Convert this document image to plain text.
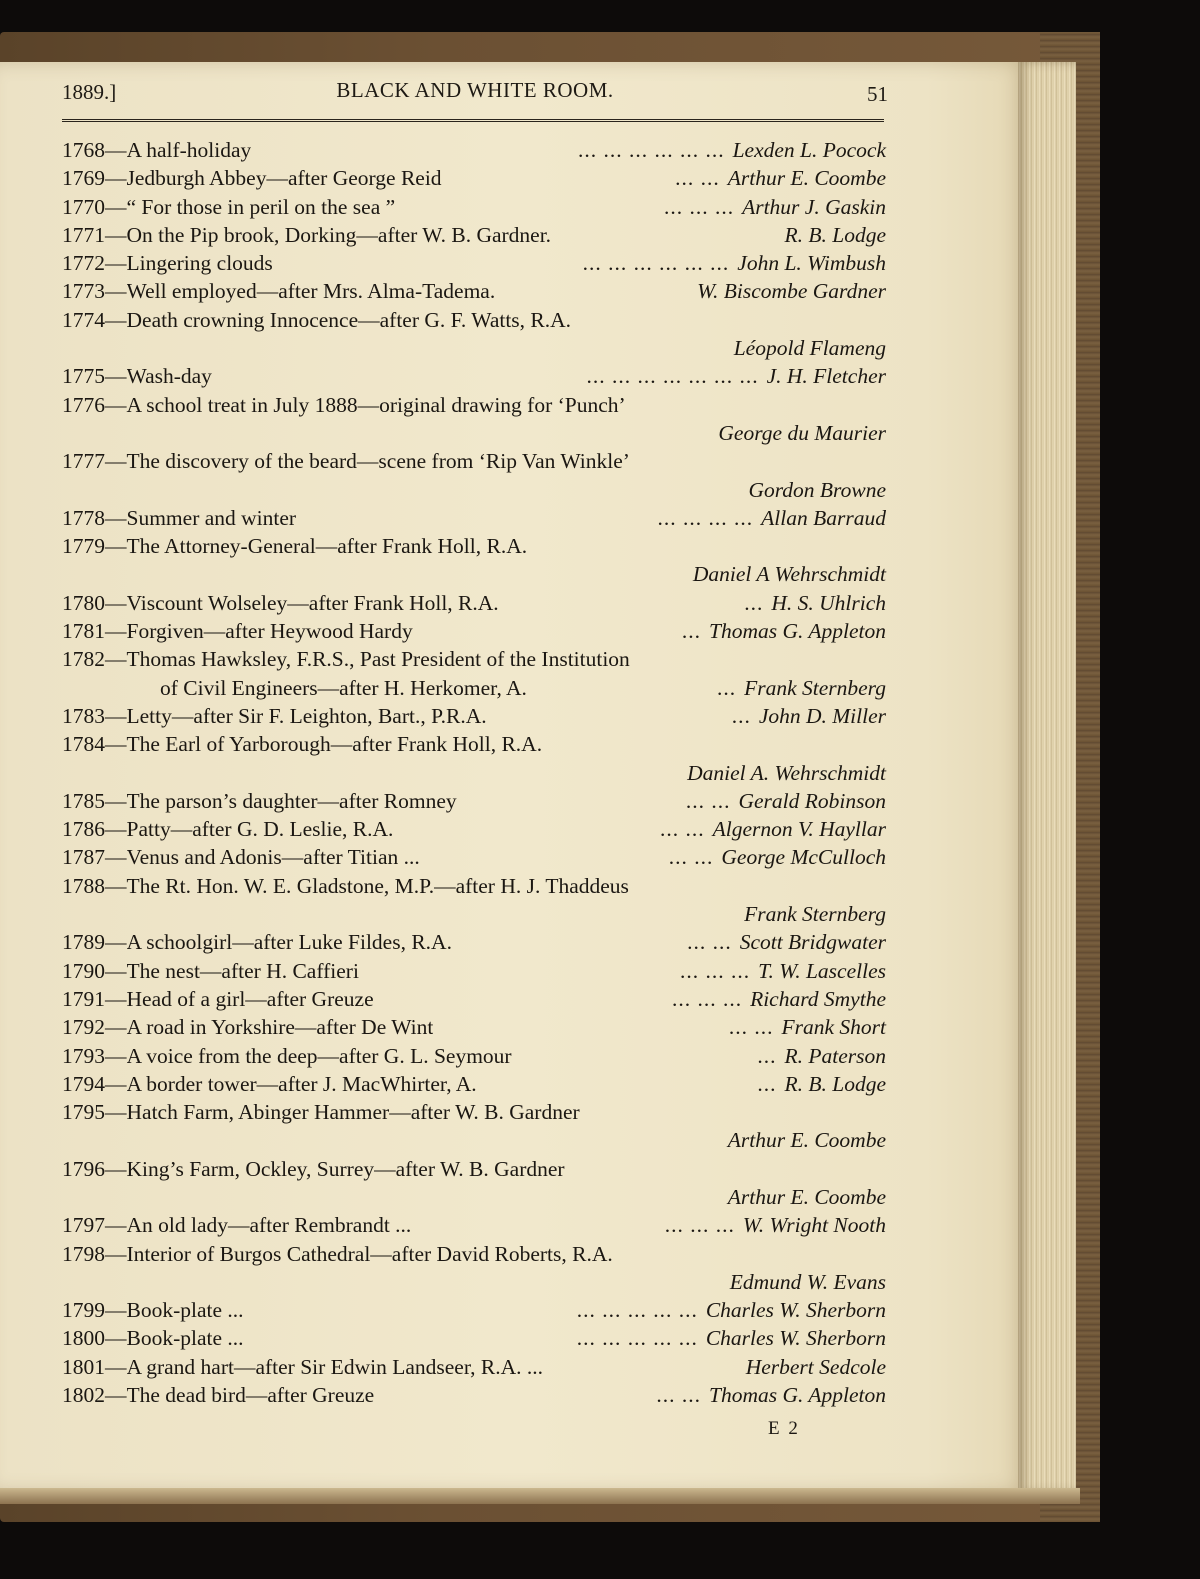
1889.]	BLACK AND WHITE ROOM.	51
1768 — A half-holiday	... ... ... ... ... ... Lexden L. Pocock
1769 — Jedburgh Abbey—after George Reid	... ... Arthur E. Coombe
1770 — “ For those in peril on the sea ”	... ... ... Arthur J. Gaskin
1771 — On the Pip brook, Dorking—after W. B. Gardner.	R. B. Lodge
1772 — Lingering clouds	... ... ... ... ... ... John L. Wimbush
1773 — Well employed—after Mrs. Alma-Tadema.	W. Biscombe Gardner
1774 — Death crowning Innocence—after G. F. Watts, R.A.
Léopold Flameng
1775 — Wash-day	... ... ... ... ... ... ... J. H. Fletcher
1776 — A school treat in July 1888—original drawing for ‘Punch’
George du Maurier
1777 — The discovery of the beard—scene from ‘Rip Van Winkle’
Gordon Browne
1778 — Summer and winter	... ... ... ... Allan Barraud
1779 — The Attorney-General—after Frank Holl, R.A.
Daniel A Wehrschmidt
1780 — Viscount Wolseley—after Frank Holl, R.A.	... H. S. Uhlrich
1781 — Forgiven—after Heywood Hardy	... Thomas G. Appleton
1782 — Thomas Hawksley, F.R.S., Past President of the Institution
of Civil Engineers—after H. Herkomer, A.	... Frank Sternberg
1783 — Letty—after Sir F. Leighton, Bart., P.R.A.	... John D. Miller
1784 — The Earl of Yarborough—after Frank Holl, R.A.
Daniel A. Wehrschmidt
1785 — The parson’s daughter—after Romney	... ... Gerald Robinson
1786 — Patty—after G. D. Leslie, R.A.	... ... Algernon V. Hayllar
1787 — Venus and Adonis—after Titian ...	... ... George McCulloch
1788 — The Rt. Hon. W. E. Gladstone, M.P.—after H. J. Thaddeus
Frank Sternberg
1789 — A schoolgirl—after Luke Fildes, R.A.	... ... Scott Bridgwater
1790 — The nest—after H. Caffieri	... ... ... T. W. Lascelles
1791 — Head of a girl—after Greuze	... ... ... Richard Smythe
1792 — A road in Yorkshire—after De Wint	... ... Frank Short
1793 — A voice from the deep—after G. L. Seymour	... R. Paterson
1794 — A border tower—after J. MacWhirter, A.	... R. B. Lodge
1795 — Hatch Farm, Abinger Hammer—after W. B. Gardner
Arthur E. Coombe
1796 — King’s Farm, Ockley, Surrey—after W. B. Gardner
Arthur E. Coombe
1797 — An old lady—after Rembrandt ...	... ... ... W. Wright Nooth
1798 — Interior of Burgos Cathedral—after David Roberts, R.A.
Edmund W. Evans
1799 — Book-plate ...	... ... ... ... ... Charles W. Sherborn
1800 — Book-plate ...	... ... ... ... ... Charles W. Sherborn
1801 — A grand hart—after Sir Edwin Landseer, R.A. ...	Herbert Sedcole
1802 — The dead bird—after Greuze	... ... Thomas G. Appleton
E 2
